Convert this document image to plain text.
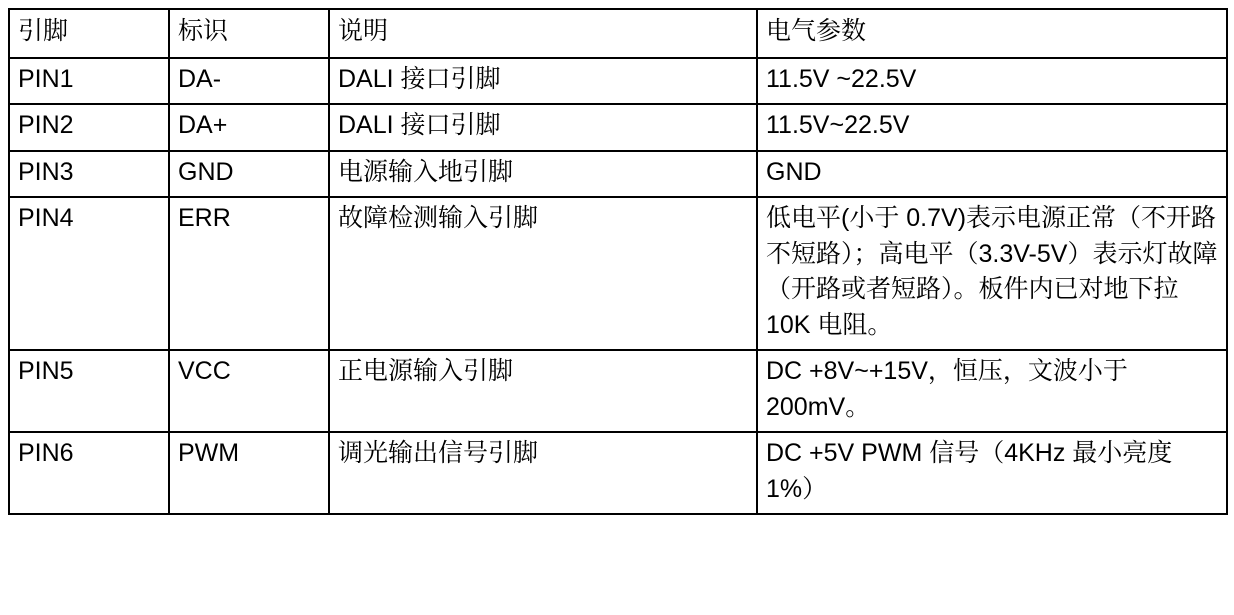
引脚	标识	说明	电气参数

PIN1	DA-	DALI 接口引脚	11.5V ~22.5V

PIN2	DA+	DALI 接口引脚	11.5V~22.5V

PIN3	GND	电源输入地引脚	GND

PIN4	ERR	故障检测输入引脚	低电平(小于 0.7V)表示电源正常（不开路不短路）；高电平（3.3V-5V）表示灯故障（开路或者短路）。板件内已对地下拉 10K 电阻。

PIN5	VCC	正电源输入引脚	DC +8V~+15V，恒压，文波小于 200mV。

PIN6	PWM	调光输出信号引脚	DC +5V PWM 信号（4KHz 最小亮度 1%）
